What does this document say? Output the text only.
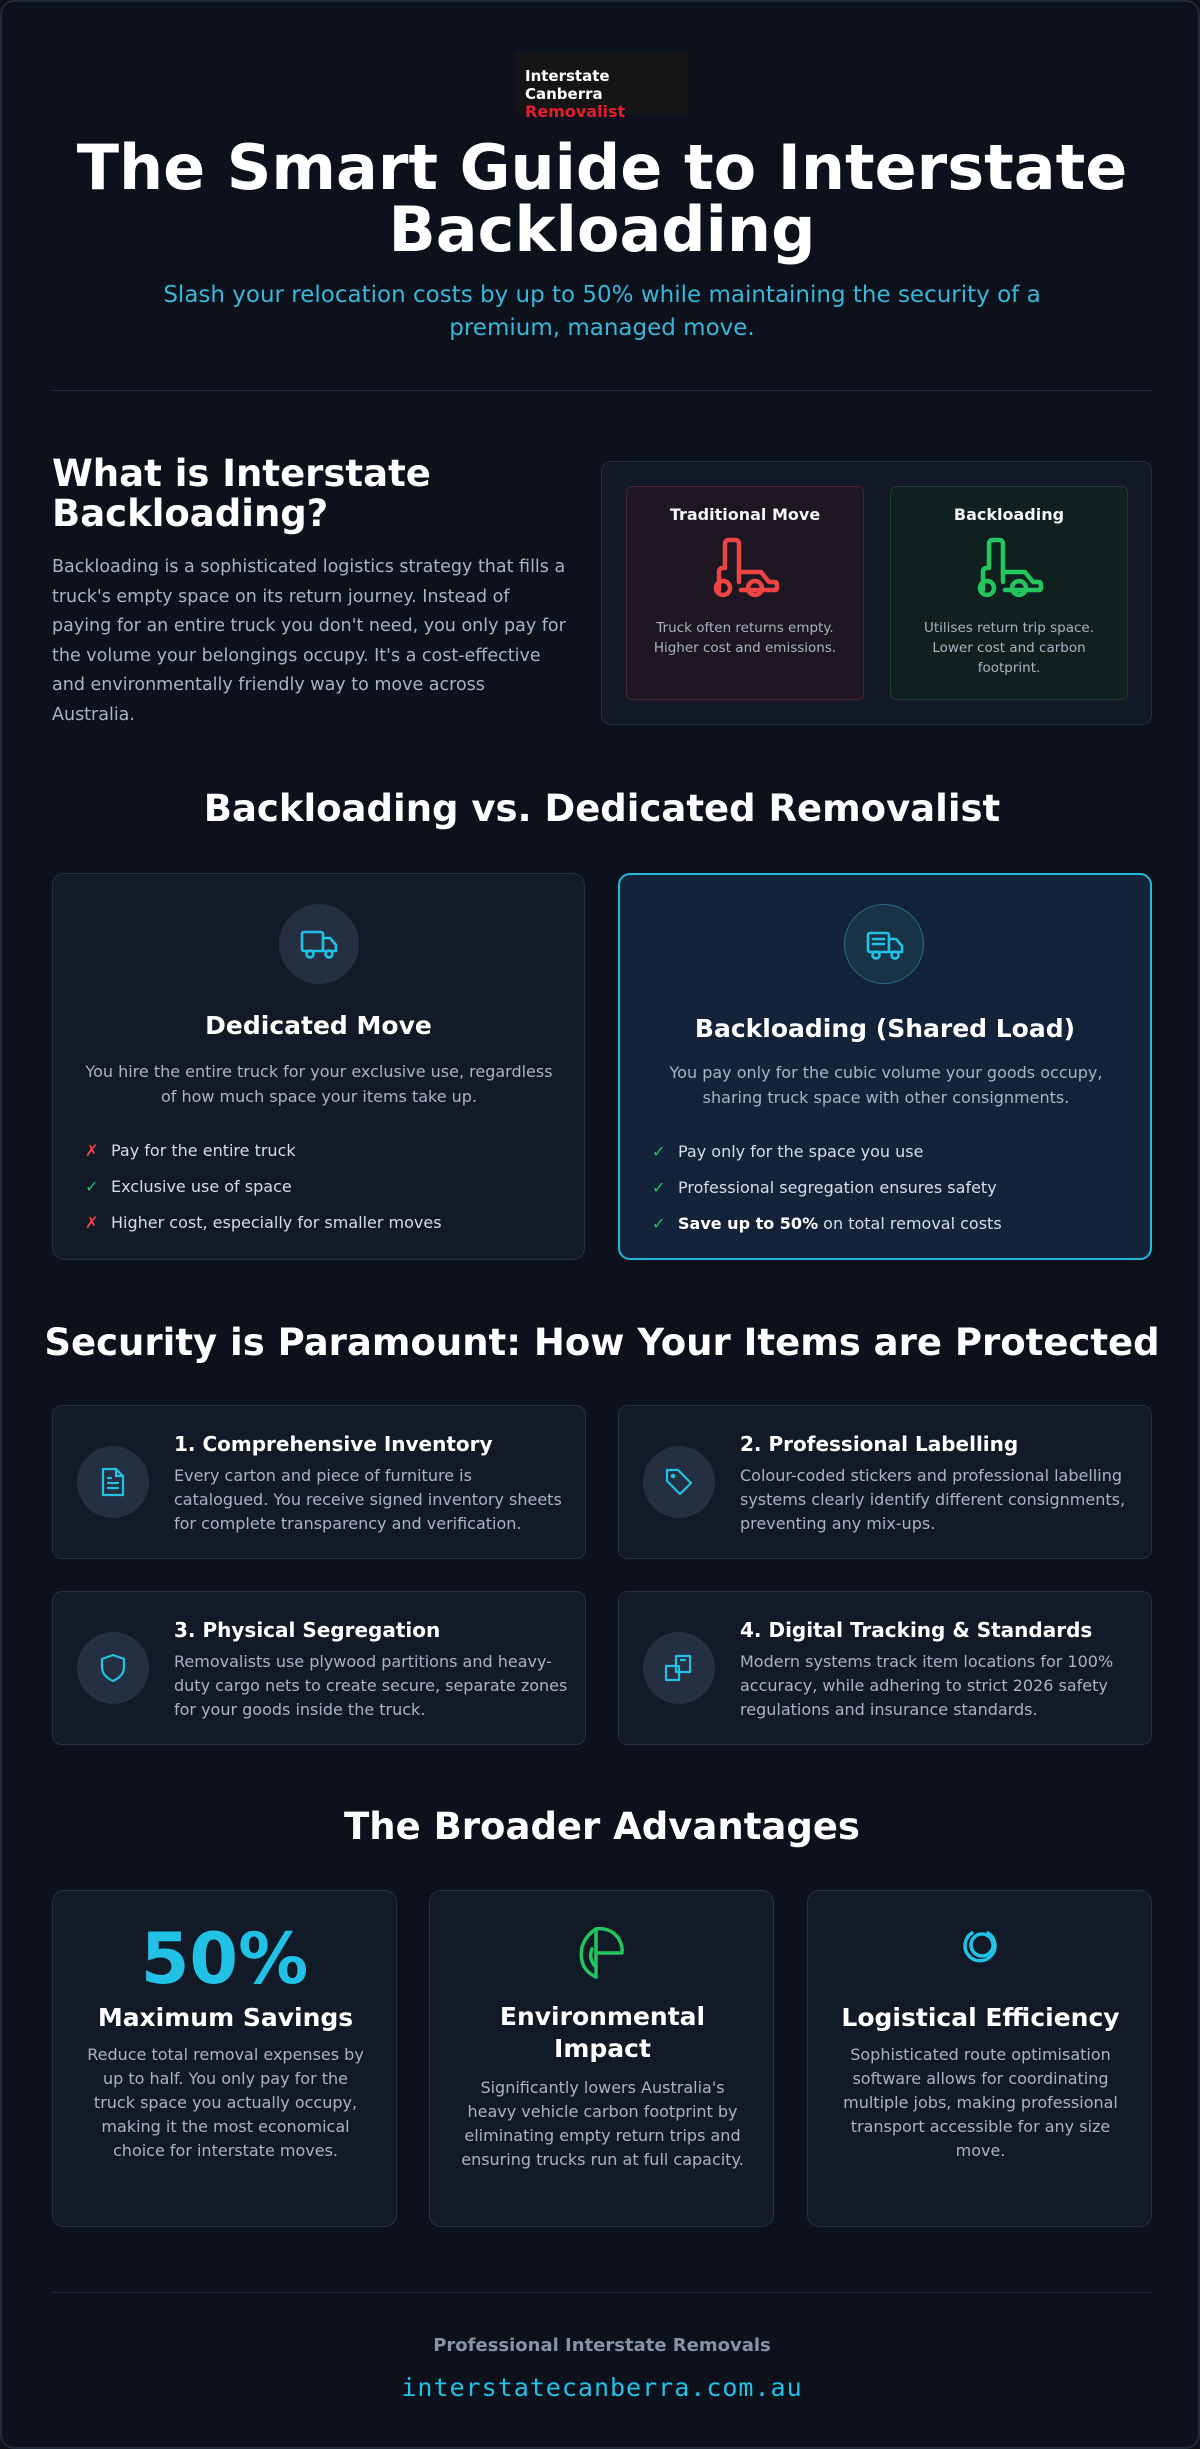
Interstate Canberra
Removalist
The Smart Guide to Interstate Backloading

Slash your relocation costs by up to 50% while maintaining the security of a premium, managed move.

What is Interstate Backloading?

Backloading is a sophisticated logistics strategy that fills a truck's empty space on its return journey. Instead of paying for an entire truck you don't need, you only pay for the volume your belongings occupy. It's a cost-effective and environmentally friendly way to move across Australia.

Traditional Move
Truck often returns empty. Higher cost and emissions.
Backloading
Utilises return trip space. Lower cost and carbon footprint.
Backloading vs. Dedicated Removalist
Dedicated Move
You hire the entire truck for your exclusive use, regardless of how much space your items take up.
✗ Pay for the entire truck
✓ Exclusive use of space
✗ Higher cost, especially for smaller moves
Backloading (Shared Load)
You pay only for the cubic volume your goods occupy, sharing truck space with other consignments.
✓ Pay only for the space you use
✓ Professional segregation ensures safety
✓ Save up to 50% on total removal costs
Security is Paramount: How Your Items are Protected
1. Comprehensive Inventory
Every carton and piece of furniture is catalogued. You receive signed inventory sheets for complete transparency and verification.
2. Professional Labelling
Colour-coded stickers and professional labelling systems clearly identify different consignments, preventing any mix-ups.
3. Physical Segregation
Removalists use plywood partitions and heavy-duty cargo nets to create secure, separate zones for your goods inside the truck.
4. Digital Tracking & Standards
Modern systems track item locations for 100% accuracy, while adhering to strict 2026 safety regulations and insurance standards.
The Broader Advantages
50%
Maximum Savings
Reduce total removal expenses by up to half. You only pay for the truck space you actually occupy, making it the most economical choice for interstate moves.
Environmental Impact
Significantly lowers Australia's heavy vehicle carbon footprint by eliminating empty return trips and ensuring trucks run at full capacity.
Logistical Efficiency
Sophisticated route optimisation software allows for coordinating multiple jobs, making professional transport accessible for any size move.
Professional Interstate Removals
interstatecanberra.com.au
